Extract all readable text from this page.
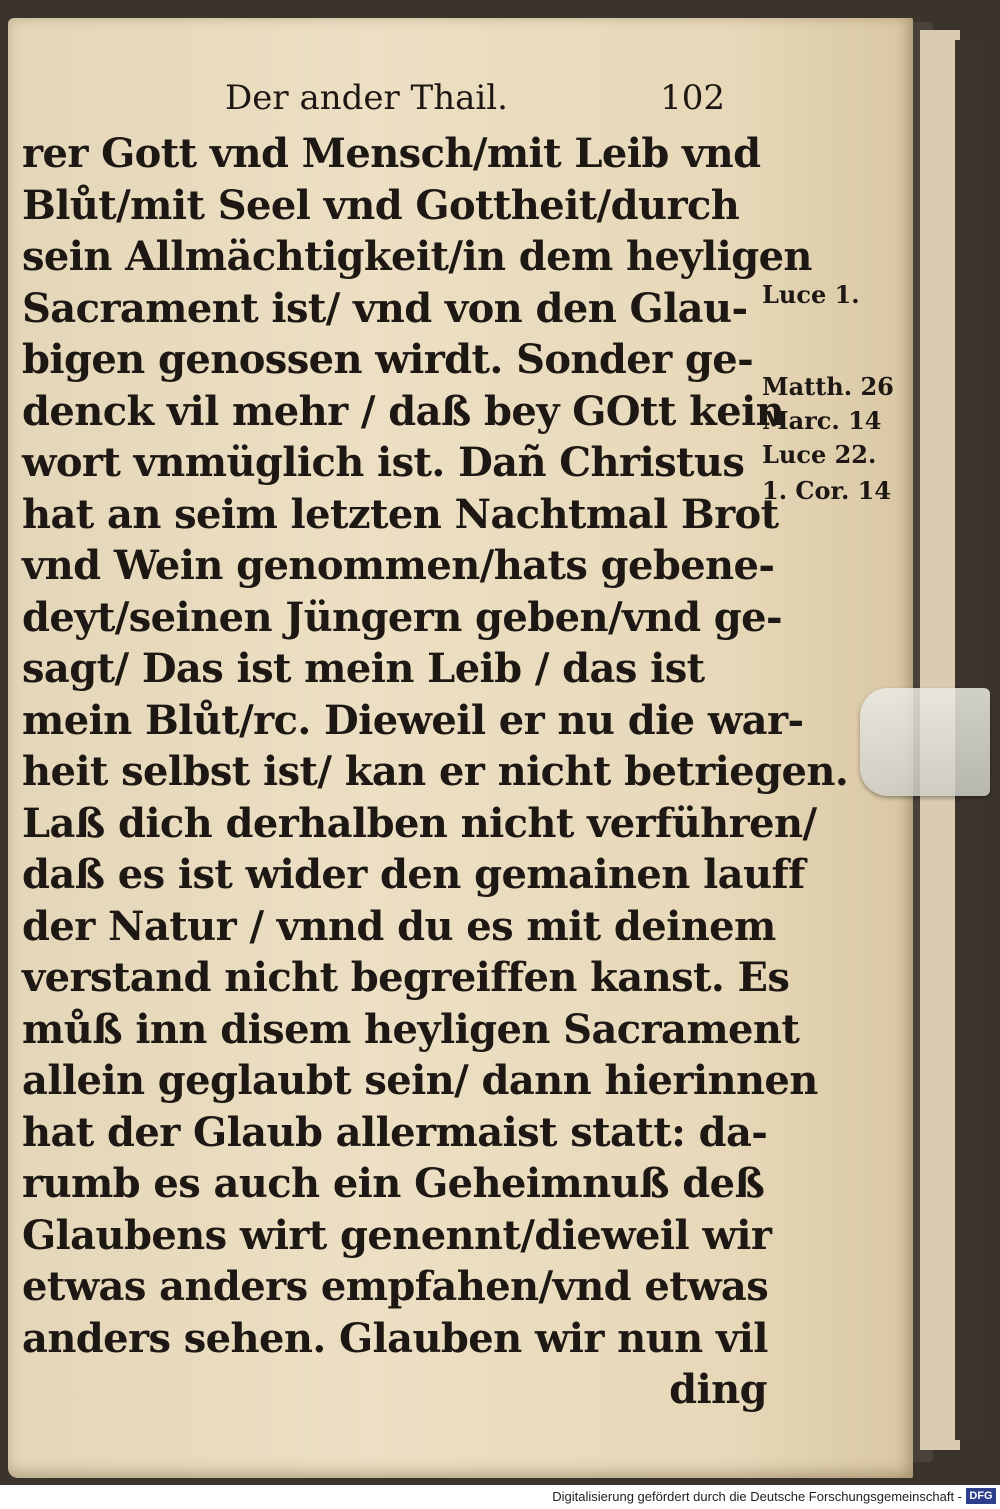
Der ander Thail.	102
rer Gott vnd Mensch/mit Leib vnd
Blůt/mit Seel vnd Gottheit/durch
sein Allmächtigkeit/in dem heyligen
Sacrament ist/ vnd von den Glau-
bigen genossen wirdt. Sonder ge-
denck vil mehr / daß bey GOtt kein
wort vnmüglich ist. Dañ Christus
hat an seim letzten Nachtmal Brot
vnd Wein genommen/hats gebene-
deyt/seinen Jüngern geben/vnd ge-
sagt/ Das ist mein Leib / das ist
mein Blůt/rc. Dieweil er nu die war-
heit selbst ist/ kan er nicht betriegen.
Laß dich derhalben nicht verführen/
daß es ist wider den gemainen lauff
der Natur / vnnd du es mit deinem
verstand nicht begreiffen kanst. Es
můß inn disem heyligen Sacrament
allein geglaubt sein/ dann hierinnen
hat der Glaub allermaist statt: da-
rumb es auch ein Geheimnuß deß
Glaubens wirt genennt/dieweil wir
etwas anders empfahen/vnd etwas
anders sehen. Glauben wir nun vil
ding
Luce 1.
Matth. 26
Marc. 14
Luce 22.
1. Cor. 14
Digitalisierung gefördert durch die Deutsche Forschungsgemeinschaft - DFG
